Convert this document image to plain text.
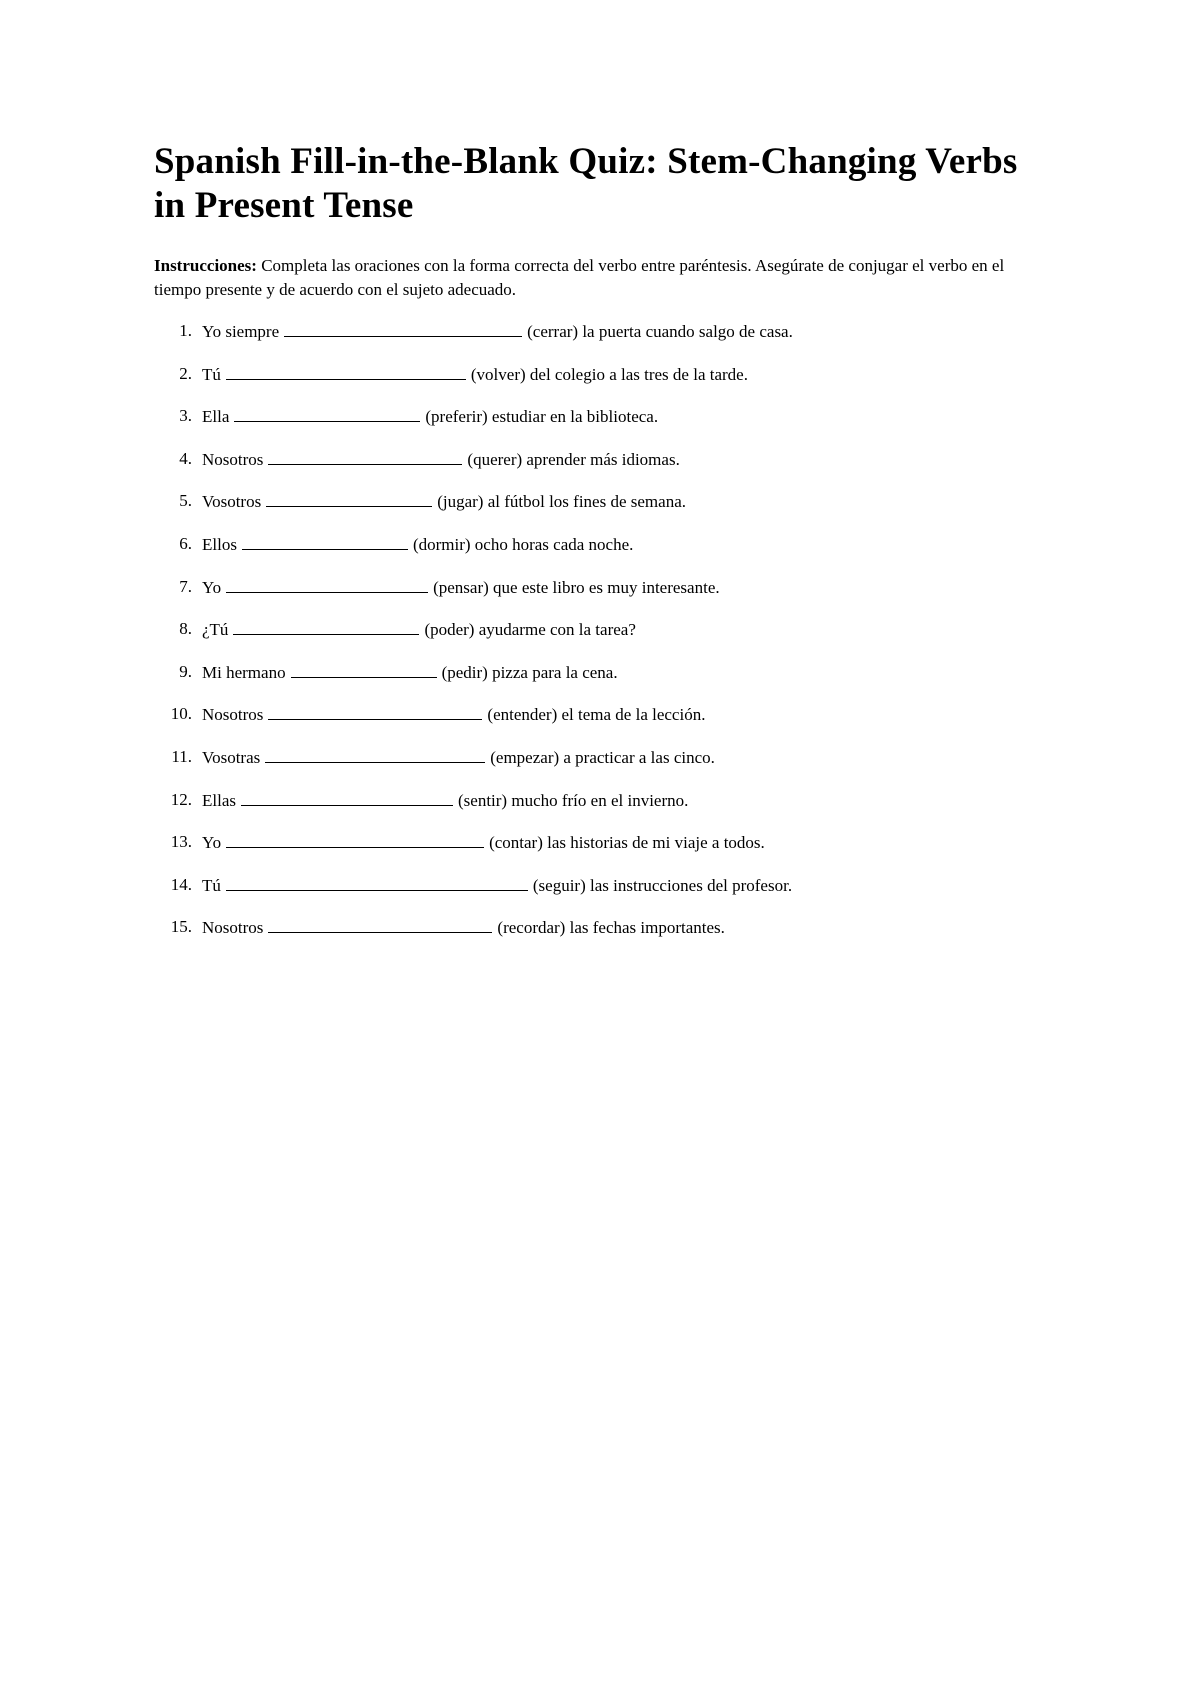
Spanish Fill-in-the-Blank Quiz: Stem-Changing Verbs in Present Tense

Instrucciones: Completa las oraciones con la forma correcta del verbo entre paréntesis. Asegúrate de conjugar el verbo en el tiempo presente y de acuerdo con el sujeto adecuado.

1. Yo siempre	(cerrar) la puerta cuando salgo de casa.
2. Tú	(volver) del colegio a las tres de la tarde.
3. Ella	(preferir) estudiar en la biblioteca.
4. Nosotros	(querer) aprender más idiomas.
5. Vosotros	(jugar) al fútbol los fines de semana.
6. Ellos	(dormir) ocho horas cada noche.
7. Yo	(pensar) que este libro es muy interesante.
8. ¿Tú	(poder) ayudarme con la tarea?
9. Mi hermano	(pedir) pizza para la cena.
10. Nosotros	(entender) el tema de la lección.
11. Vosotras	(empezar) a practicar a las cinco.
12. Ellas	(sentir) mucho frío en el invierno.
13. Yo	(contar) las historias de mi viaje a todos.
14. Tú	(seguir) las instrucciones del profesor.
15. Nosotros	(recordar) las fechas importantes.
